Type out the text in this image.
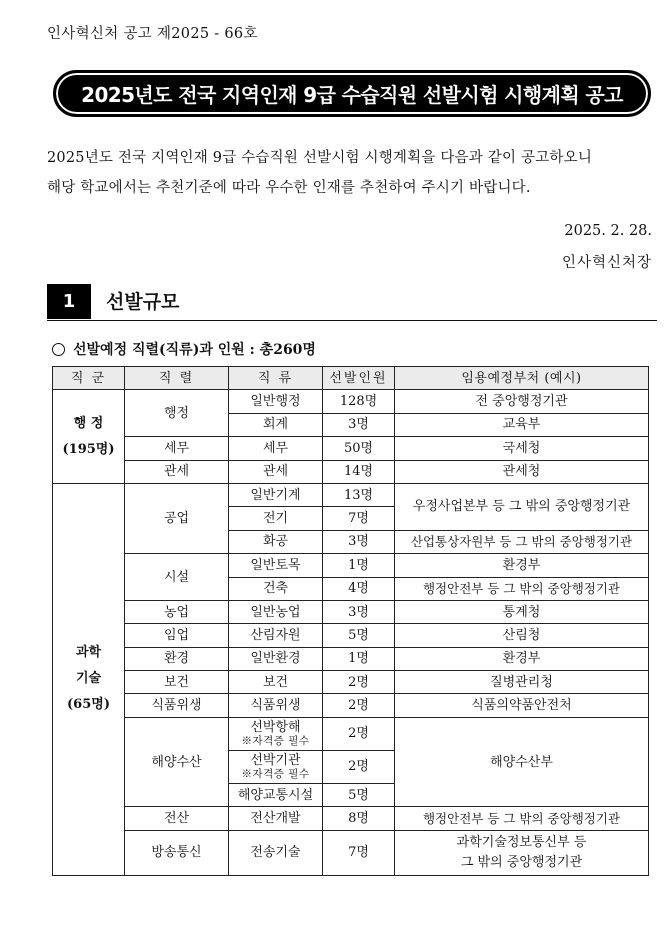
인사혁신처 공고 제2025 - 66호
2025년도 전국 지역인재 9급 수습직원 선발시험 시행계획 공고
2025년도 전국 지역인재 9급 수습직원 선발시험 시행계획을 다음과 같이 공고하오니
해당 학교에서는 추천기준에 따라 우수한 인재를 추천하여 주시기 바랍니다.
2025. 2. 28.
인사혁신처장
1	선발규모
선발예정 직렬(직류)과 인원 : 총260명
직 군	직 렬	직 류	선발인원	임용예정부처 (예시)

행 정
(195명)	행정	일반행정	128명	전 중앙행정기관
		회계	3명	교육부
	세무	세무	50명	국세청
	관세	관세	14명	관세청

과학
기술
(65명)	공업	일반기계	13명	우정사업본부 등 그 밖의 중앙행정기관
		전기	7명	
		화공	3명	산업통상자원부 등 그 밖의 중앙행정기관
	시설	일반토목	1명	환경부
		건축	4명	행정안전부 등 그 밖의 중앙행정기관
	농업	일반농업	3명	통계청
	임업	산림자원	5명	산림청
	환경	일반환경	1명	환경부
	보건	보건	2명	질병관리청
	식품위생	식품위생	2명	식품의약품안전처
	해양수산	선박항해
※자격증 필수	2명	해양수산부

		선박기관
※자격증 필수	2명	
		해양교통시설	5명	
	전산	전산개발	8명	행정안전부 등 그 밖의 중앙행정기관
	방송통신	전송기술	7명	과학기술정보통신부 등
그 밖의 중앙행정기관
